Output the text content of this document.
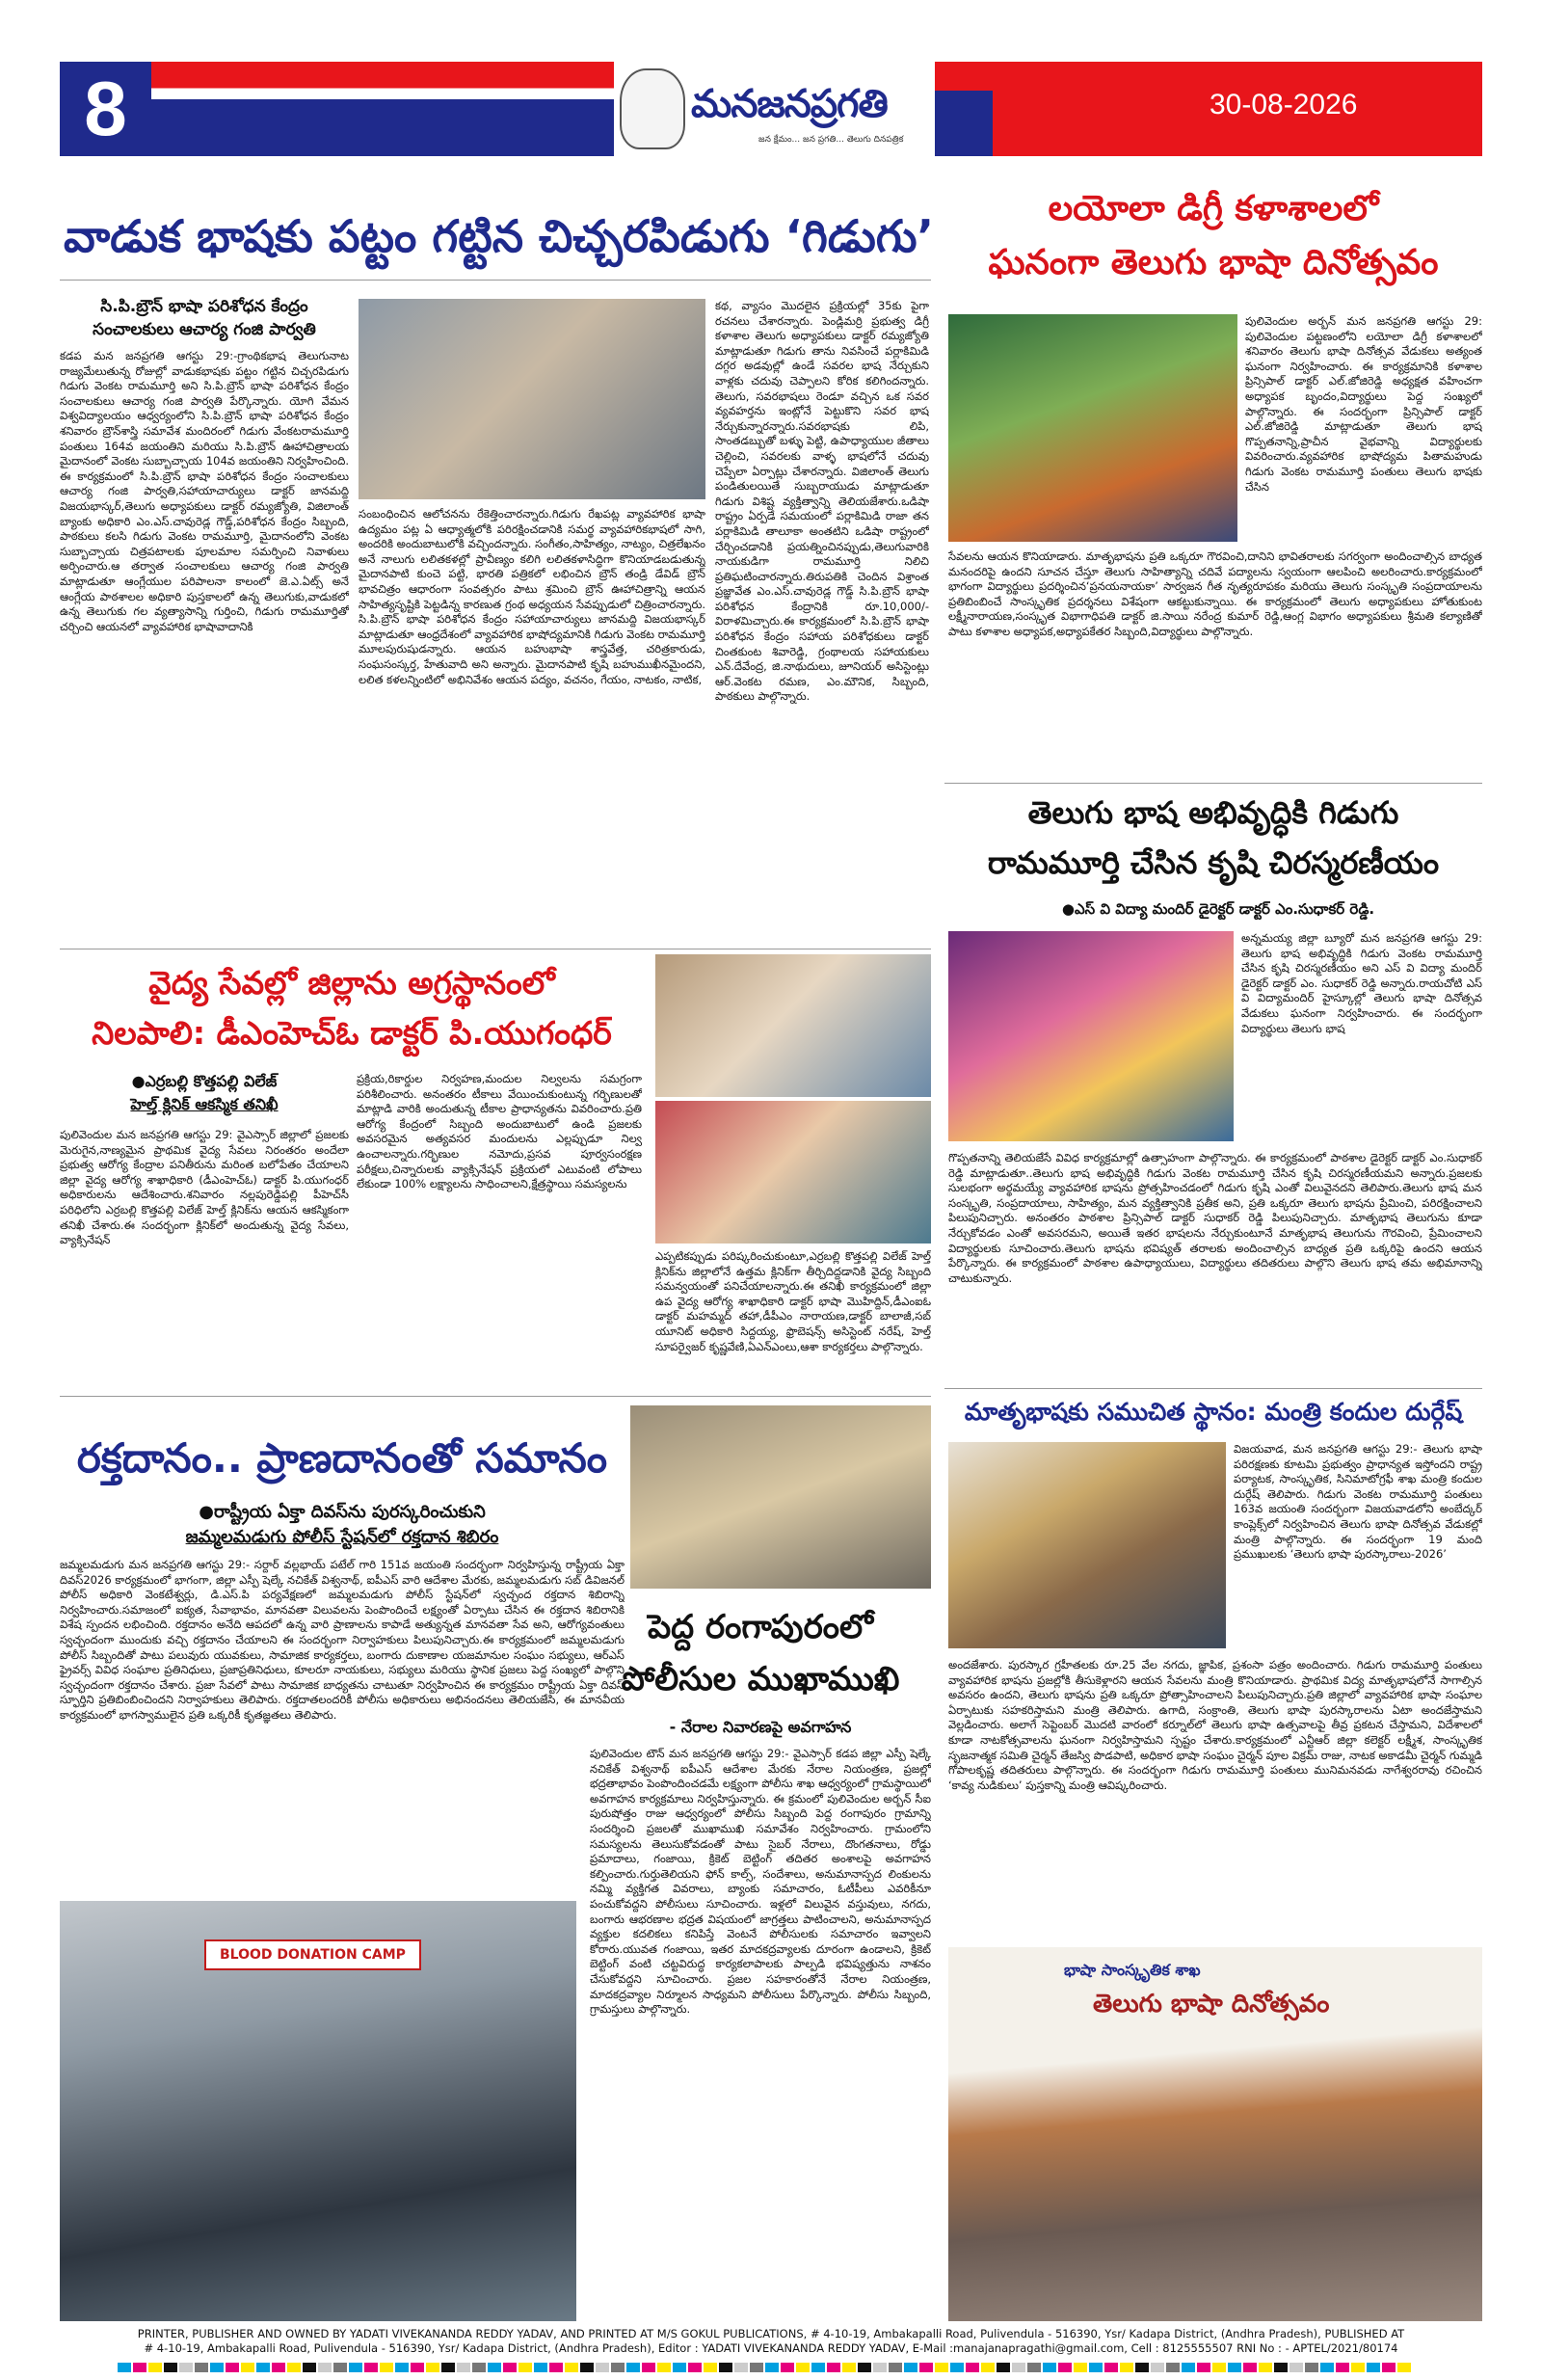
8	మనజనప్రగతి
జన క్షేమం... జన ప్రగతి... తెలుగు దినపత్రిక
30-08-2026
వాడుక భాషకు పట్టం గట్టిన చిచ్చరపిడుగు ‘గిడుగు’
సి.పి.బ్రౌన్ భాషా పరిశోధన కేంద్రం
సంచాలకులు ఆచార్య గంజి పార్వతి
కడప మన జనప్రగతి ఆగస్టు 29:-గ్రాంథికభాష తెలుగునాట రాజ్యమేలుతున్న రోజుల్లో వాడుకభాషకు పట్టం గట్టిన చిచ్చరపిడుగు గిడుగు వెంకట రామమూర్తి అని సి.పి.బ్రౌన్ భాషా పరిశోధన కేంద్రం సంచాలకులు ఆచార్య గంజి పార్వతి పేర్కొన్నారు. యోగి వేమన విశ్వవిద్యాలయం ఆధ్వర్యంలోని సి.పి.బ్రౌన్ భాషా పరిశోధన కేంద్రం శనివారం బ్రౌన్‌శాస్త్రి సమావేశ మందిరంలో గిడుగు వేంకటరామమూర్తి పంతులు 164వ జయంతిని మరియు సి.పి.బ్రౌన్ ఊహాచిత్రాలయ మైదానంలో వెంకట సుబ్బాచ్చాయ 104వ జయంతిని నిర్వహించింది. ఈ కార్యక్రమంలో సి.పి.బ్రౌన్ భాషా పరిశోధన కేంద్రం సంచాలకులు ఆచార్య గంజి పార్వతి,సహాయాచార్యులు డాక్టర్ జానమద్ది విజయభాస్కర్,తెలుగు అధ్యాపకులు డాక్టర్ రమ్యజ్యోతి, విజిలాంత్ బ్యాంకు అధికారి ఎం.ఎస్.చావురెడ్ల గౌడ్డ్,పరిశోధన కేంద్రం సిబ్బంది, పాఠకులు కలసి గిడుగు వెంకట రామమూర్తి, మైదానంలోని వెంకట సుబ్బాచ్చాయ చిత్రపటాలకు పూలమాల సమర్పించి నివాళులు అర్పించారు.ఆ తర్వాత సంచాలకులు ఆచార్య గంజి పార్వతి మాట్లాడుతూ ఆంగ్లేయుల పరిపాలనా కాలంలో జె.ఎ.ఏట్స్ అనే ఆంగ్లేయ పాఠశాలల అధికారి పుస్తకాలలో ఉన్న తెలుగుకు,వాడుకలో ఉన్న తెలుగుకు గల వ్యత్యాసాన్ని గుర్తించి, గిడుగు రామమూర్తితో చర్చించి ఆయనలో వ్యావహారిక భాషావాదానికి
సంబంధించిన ఆలోచనను రేకెత్తించారన్నారు.గిడుగు రేఖపట్ల వ్యావహారిక భాషా ఉద్యమం పట్ల ఏ ఆధ్యాత్మలోకి పరిరక్షించడానికి సమర్థ వ్యావహారికభాషలో సాగి, అందరికి అందుబాటులోకి వచ్చిందన్నారు. సంగీతం,సాహిత్యం, నాట్యం, చిత్రలేఖనం అనే నాలుగు లలితకళల్లో ప్రావీణ్యం కలిగి లలితకళాసిద్ధిగా కొనియాడబడుతున్న మైదానపాటి కుంచె పట్టి, భారతి పత్రికలో లభించిన బ్రౌన్ తండ్రి డేవిడ్ బ్రౌన్ భావచిత్రం ఆధారంగా సంవత్సరం పాటు శ్రమించి బ్రౌన్ ఊహాచిత్రాన్ని ఆయన సాహిత్యసృష్టికి పెట్టడిన్న కారణుత గ్రంథ అధ్యయన సేవప్పుడులో చిత్రించారన్నారు. సి.పి.బ్రౌన్ భాషా పరిశోధన కేంద్రం సహాయాచార్యులు జానమద్ది విజయభాస్కర్ మాట్లాడుతూ ఆంధ్రదేశంలో వ్యావహారిక భాషోద్యమానికి గిడుగు వెంకట రామమూర్తి మూలపురుషుడన్నారు. ఆయన బహుభాషా శాస్త్రవేత్త, చరిత్రకారుడు, సంఘసంస్కర్త, హేతువాది అని అన్నారు. మైదానపాటి కృషి బహుముఖీనమైందని, లలిత కళలన్నింటిలో అభినివేశం ఆయన పద్యం, వచనం, గేయం, నాటకం, నాటిక,
కథ, వ్యాసం మొదలైన ప్రక్రియల్లో 35కు పైగా రచనలు చేశారన్నారు. పెండ్లిమర్రి ప్రభుత్వ డిగ్రీ కళాశాల తెలుగు అధ్యాపకులు డాక్టర్ రమ్యజ్యోతి మాట్లాడుతూ గిడుగు తాను నివసించే పర్లాకిమిడి దగ్గర అడవుల్లో ఉండే సవరల భాష నేర్చుకుని వాళ్లకు చదువు చెప్పాలని కోరిక కలిగిందన్నారు. తెలుగు, సవరభాషలు రెండూ వచ్చిన ఒక సవర వ్యవహర్తను ఇంట్లోనే పెట్టుకొని సవర భాష నేర్చుకున్నారన్నారు.సవరభాషకు లిపి, సాంతడబ్బుతో బళ్ళు పెట్టి, ఉపాధ్యాయుల జీతాలు చెల్లించి, సవరలకు వాళ్ళ భాషలోనే చదువు చెప్పేలా ఏర్పాట్లు చేశారన్నారు. విజిలాంత్ తెలుగు పండితులయితే సుబ్బరాయుడు మాట్లాడుతూ గిడుగు విశిష్ట వ్యక్తిత్వాన్ని తెలియజేశారు.ఒడిషా రాష్ట్రం ఏర్పడే సమయంలో పర్లాకిమిడి రాజా తన పర్లాకిమిడి తాలూకా అంతటిని ఒడిషా రాష్ట్రంలో చేర్చించడానికి ప్రయత్నించినప్పుడు,తెలుగువారికి నాయకుడిగా రామమూర్తి నిలిచి ప్రతిఘటించారన్నారు.తిరుపతికి చెందిన విశ్రాంత ప్రజ్ఞావేత ఎం.ఎస్.చావురెడ్ల గౌడ్డ్ సి.పి.బ్రౌన్ భాషా పరిశోధన కేంద్రానికి రూ.10,000/- విరాళమిచ్చారు.ఈ కార్యక్రమంలో సి.పి.బ్రౌన్ భాషా పరిశోధన కేంద్రం సహాయ పరిశోధకులు డాక్టర్ చింతకుంట శివారెడ్డి, గ్రంథాలయ సహాయకులు ఎన్.దేవేంద్ర, జి.నాథుదులు, జూనియర్ అసిస్టెంట్లు ఆర్.వెంకట రమణ, ఎం.మౌనిక, సిబ్బంది, పాఠకులు పాల్గొన్నారు.
లయోలా డిగ్రీ కళాశాలలో
ఘనంగా తెలుగు భాషా దినోత్సవం
పులివెందుల అర్బన్ మన జనప్రగతి ఆగస్టు 29: పులివెందుల పట్టణంలోని లయోలా డిగ్రీ కళాశాలలో శనివారం తెలుగు భాషా దినోత్సవ వేడుకలు అత్యంత ఘనంగా నిర్వహించారు. ఈ కార్యక్రమానికి కళాశాల ప్రిన్సిపాల్ డాక్టర్ ఎల్.జోజిరెడ్డి అధ్యక్షత వహించగా అధ్యాపక బృందం,విద్యార్థులు పెద్ద సంఖ్యలో పాల్గొన్నారు. ఈ సందర్భంగా ప్రిన్సిపాల్ డాక్టర్ ఎల్.జోజిరెడ్డి మాట్లాడుతూ తెలుగు భాష గొప్పతనాన్ని,ప్రాచీన వైభవాన్ని విద్యార్థులకు వివరించారు.వ్యవహారిక భాషోద్యమ పితామహుడు గిడుగు వెంకట రామమూర్తి పంతులు తెలుగు భాషకు చేసిన
సేవలను ఆయన కొనియాడారు. మాతృభాషను ప్రతి ఒక్కరూ గౌరవించి,దానిని భావితరాలకు సగర్వంగా అందించాల్సిన బాధ్యత మనందరిపై ఉందని సూచన చేస్తూ తెలుగు సాహిత్యాన్ని చదివే పద్యాలను స్వయంగా ఆలపించి అలరించారు.కార్యక్రమంలో భాగంగా విద్యార్థులు ప్రదర్శించిన‘ప్రనయనాయకా’ సార్వజన గీత నృత్యరూపకం మరియు తెలుగు సంస్కృతి సంప్రదాయాలను ప్రతిబింబించే సాంస్కృతిక ప్రదర్శనలు విశేషంగా ఆకట్టుకున్నాయి. ఈ కార్యక్రమంలో తెలుగు అధ్యాపకులు హోతుకుంట లక్ష్మీనారాయణ,సంస్కృత విభాగాధిపతి డాక్టర్ జి.సాయి నరేంద్ర కుమార్ రెడ్డి,ఆంగ్ల విభాగం అధ్యాపకులు శ్రీమతి కల్యాణితో పాటు కళాశాల అధ్యాపక,అధ్యాపకేతర సిబ్బంది,విద్యార్థులు పాల్గొన్నారు.
తెలుగు భాష అభివృద్ధికి గిడుగు
రామమూర్తి చేసిన కృషి చిరస్మరణీయం
●ఎస్ వి విద్యా మందిర్ డైరెక్టర్ డాక్టర్ ఎం.సుధాకర్ రెడ్డి.
అన్నమయ్య జిల్లా బ్యూరో మన జనప్రగతి ఆగస్టు 29: తెలుగు భాష అభివృద్ధికి గిడుగు వెంకట రామమూర్తి చేసిన కృషి చిరస్మరణీయం అని ఎస్ వి విద్యా మందిర్ డైరెక్టర్ డాక్టర్ ఎం. సుధాకర్ రెడ్డి అన్నారు.రాయచోటి ఎస్ వి విద్యామందిర్ హైస్కూల్లో తెలుగు భాషా దినోత్సవ వేడుకలు ఘనంగా నిర్వహించారు. ఈ సందర్భంగా విద్యార్థులు తెలుగు భాష
గొప్పతనాన్ని తెలియజేసే వివిధ కార్యక్రమాల్లో ఉత్సాహంగా పాల్గొన్నారు. ఈ కార్యక్రమంలో పాఠశాల డైరెక్టర్ డాక్టర్ ఎం.సుధాకర్ రెడ్డి మాట్లాడుతూ..తెలుగు భాష అభివృద్ధికి గిడుగు వెంకట రామమూర్తి చేసిన కృషి చిరస్మరణీయమని అన్నారు.ప్రజలకు సులభంగా అర్థమయ్యే వ్యావహారిక భాషను ప్రోత్సహించడంలో గిడుగు కృషి ఎంతో విలువైనదని తెలిపారు.తెలుగు భాష మన సంస్కృతి, సంప్రదాయాలు, సాహిత్యం, మన వ్యక్తిత్వానికి ప్రతీక అని, ప్రతి ఒక్కరూ తెలుగు భాషను ప్రేమించి, పరిరక్షించాలని పిలుపునిచ్చారు. అనంతరం పాఠశాల ప్రిన్సిపాల్ డాక్టర్ సుధాకర్ రెడ్డి పిలుపునిచ్చారు. మాతృభాష తెలుగును కూడా నేర్చుకోవడం ఎంతో అవసరమని, అయితే ఇతర భాషలను నేర్చుకుంటూనే మాతృభాష తెలుగును గౌరవించి, ప్రేమించాలని విద్యార్థులకు సూచించారు.తెలుగు భాషను భవిష్యత్ తరాలకు అందించాల్సిన బాధ్యత ప్రతి ఒక్కరిపై ఉందని ఆయన పేర్కొన్నారు. ఈ కార్యక్రమంలో పాఠశాల ఉపాధ్యాయులు, విద్యార్థులు తదితరులు పాల్గొని తెలుగు భాష తమ అభిమానాన్ని చాటుకున్నారు.
వైద్య సేవల్లో జిల్లాను అగ్రస్థానంలో
నిలపాలి: డీఎంహెచ్ఓ డాక్టర్ పి.యుగంధర్
●ఎర్రబల్లి కొత్తపల్లి విలేజ్
హెల్త్ క్లినిక్ ఆకస్మిక తనిఖీ
పులివెందుల మన జనప్రగతి ఆగస్టు 29: వైఎస్సార్ జిల్లాలో ప్రజలకు మెరుగైన,నాణ్యమైన ప్రాథమిక వైద్య సేవలు నిరంతరం అందేలా ప్రభుత్వ ఆరోగ్య కేంద్రాల పనితీరును మరింత బలోపేతం చేయాలని జిల్లా వైద్య ఆరోగ్య శాఖాధికారి (డీఎంహెచ్ఓ) డాక్టర్ పి.యుగంధర్ అధికారులను ఆదేశించారు.శనివారం నల్లపురెడ్డిపల్లి పీహెచ్‌సీ పరిధిలోని ఎర్రబల్లి కొత్తపల్లి విలేజ్ హెల్త్ క్లినిక్‌ను ఆయన ఆకస్మికంగా తనిఖీ చేశారు.ఈ సందర్భంగా క్లినిక్‌లో అందుతున్న వైద్య సేవలు, వ్యాక్సినేషన్
ప్రక్రియ,రికార్డుల నిర్వహణ,మందుల నిల్వలను సమగ్రంగా పరిశీలించారు. అనంతరం టీకాలు వేయించుకుంటున్న గర్భిణులతో మాట్లాడి వారికి అందుతున్న టీకాల ప్రాధాన్యతను వివరించారు.ప్రతి ఆరోగ్య కేంద్రంలో సిబ్బంది అందుబాటులో ఉండి ప్రజలకు అవసరమైన అత్యవసర మందులను ఎల్లప్పుడూ నిల్వ ఉంచాలన్నారు.గర్భిణుల నమోదు,ప్రసవ పూర్వసంరక్షణ పరీక్షలు,చిన్నారులకు వ్యాక్సినేషన్ ప్రక్రియలో ఎటువంటి లోపాలు లేకుండా 100% లక్ష్యాలను సాధించాలని,క్షేత్రస్థాయి సమస్యలను
ఎప్పటికప్పుడు పరిష్కరించుకుంటూ,ఎర్రబల్లి కొత్తపల్లి విలేజ్ హెల్త్ క్లినిక్‌ను జిల్లాలోనే ఉత్తమ క్లినిక్‌గా తీర్చిదిద్దడానికి వైద్య సిబ్బంది సమన్వయంతో పనిచేయాలన్నారు.ఈ తనిఖీ కార్యక్రమంలో జిల్లా ఉప వైద్య ఆరోగ్య శాఖాధికారి డాక్టర్ భాషా మొహిద్దిన్,డీఎంఐఓ డాక్టర్ మహమ్మద్ తహా,డీపీఎం నారాయణ,డాక్టర్ బాలాజీ,సబ్ యూనిట్ అధికారి సిద్దయ్య, ఫ్రొబెషన్స్‌ అసిస్టెంట్ నరేష్, హెల్త్ సూపర్వైజర్ కృష్ణవేణి,ఏఎన్ఎంలు,ఆశా కార్యకర్తలు పాల్గొన్నారు.
రక్తదానం.. ప్రాణదానంతో సమానం
●రాష్ట్రీయ ఏక్తా దివస్‌ను పురస్కరించుకుని
జమ్మలమడుగు పోలీస్ స్టేషన్‌లో రక్తదాన శిబిరం
జమ్మలమడుగు మన జనప్రగతి ఆగస్టు 29:- సర్దార్ వల్లభాయ్ పటేల్ గారి 151వ జయంతి సందర్భంగా నిర్వహిస్తున్న రాష్ట్రీయ ఏక్తా దివస్2026 కార్యక్రమంలో భాగంగా, జిల్లా ఎస్పీ షెల్కే నచికేత్ విశ్వనాథ్, ఐపీఎస్ వారి ఆదేశాల మేరకు, జమ్మలమడుగు సబ్ డివిజనల్ పోలీస్ అధికారి వెంకటేశ్వర్లు, డి.ఎస్.పి పర్యవేక్షణలో జమ్మలమడుగు పోలీస్ స్టేషన్‌లో స్వచ్ఛంద రక్తదాన శిబిరాన్ని నిర్వహించారు.సమాజంలో ఐక్యత, సేవాభావం, మానవతా విలువలను పెంపొందించే లక్ష్యంతో ఏర్పాటు చేసిన ఈ రక్తదాన శిబిరానికి విశేష స్పందన లభించింది. రక్తదానం అనేది ఆపదలో ఉన్న వారి ప్రాణాలను కాపాడే అత్యున్నత మానవతా సేవ అని, ఆరోగ్యవంతులు స్వచ్ఛందంగా ముందుకు వచ్చి రక్తదానం చేయాలని ఈ సందర్భంగా నిర్వాహకులు పిలుపునిచ్చారు.ఈ కార్యక్రమంలో జమ్మలమడుగు పోలీస్ సిబ్బందితో పాటు పలువురు యువకులు, సామాజిక కార్యకర్తలు, బంగారు దుకాణాల యజమానుల సంఘం సభ్యులు, ఆర్ఎస్ ఫ్రైవర్స్ వివిధ సంఘాల ప్రతినిధులు, ప్రజాప్రతినిధులు, కూలరూ నాయకులు, సభ్యులు మరియు స్థానిక ప్రజలు పెద్ద సంఖ్యలో పాల్గొని స్వచ్ఛందంగా రక్తదానం చేశారు. ప్రజా సేవలో పాటు సామాజిక బాధ్యతను చాటుతూ నిర్వహించిన ఈ కార్యక్రమం రాష్ట్రీయ ఏక్తా దివస్ స్ఫూర్తిని ప్రతిబింబించిందని నిర్వాహకులు తెలిపారు. రక్తదాతలందరికీ పోలీసు అధికారులు అభినందనలు తెలియజేసి, ఈ మానవీయ కార్యక్రమంలో భాగస్వాములైన ప్రతి ఒక్కరికీ కృతజ్ఞతలు తెలిపారు.
BLOOD DONATION CAMP
పెద్ద రంగాపురంలో
పోలీసుల ముఖాముఖి
- నేరాల నివారణపై అవగాహన
పులివెందుల టౌన్ మన జనప్రగతి ఆగస్టు 29:- వైఎస్సార్ కడప జిల్లా ఎస్పీ షెల్కే నచికేత్ విశ్వనాథ్ ఐపీఎస్ ఆదేశాల మేరకు నేరాల నియంత్రణ, ప్రజల్లో భద్రతాభావం పెంపొందించడమే లక్ష్యంగా పోలీసు శాఖ ఆధ్వర్యంలో గ్రామస్థాయిలో అవగాహన కార్యక్రమాలు నిర్వహిస్తున్నారు. ఈ క్రమంలో పులివెందుల అర్బన్ సీఐ పురుషోత్తం రాజు ఆధ్వర్యంలో పోలీసు సిబ్బంది పెద్ద రంగాపురం గ్రామాన్ని సందర్శించి ప్రజలతో ముఖాముఖి సమావేశం నిర్వహించారు. గ్రామంలోని సమస్యలను తెలుసుకోవడంతో పాటు సైబర్ నేరాలు, దొంగతనాలు, రోడ్డు ప్రమాదాలు, గంజాయి, క్రికెట్ బెట్టింగ్ తదితర అంశాలపై అవగాహన కల్పించారు.గుర్తుతెలియని ఫోన్ కాల్స్, సందేశాలు, అనుమానాస్పద లింకులను నమ్మి వ్యక్తిగత వివరాలు, బ్యాంకు సమాచారం, ఓటీపీలు ఎవరికీనూ పంచుకోవద్దని పోలీసులు సూచించారు. ఇళ్లలో విలువైన వస్తువులు, నగదు, బంగారు ఆభరణాల భద్రత విషయంలో జాగ్రత్తలు పాటించాలని, అనుమానాస్పద వ్యక్తుల కదలికలు కనిపిస్తే వెంటనే పోలీసులకు సమాచారం ఇవ్వాలని కోరారు.యువత గంజాయి, ఇతర మాదకద్రవ్యాలకు దూరంగా ఉండాలని, క్రికెట్ బెట్టింగ్ వంటి చట్టవిరుద్ధ కార్యకలాపాలకు పాల్పడి భవిష్యత్తును నాశనం చేసుకోవద్దని సూచించారు. ప్రజల సహకారంతోనే నేరాల నియంత్రణ, మాదకద్రవ్యాల నిర్మూలన సాధ్యమని పోలీసులు పేర్కొన్నారు. పోలీసు సిబ్బంది, గ్రామస్తులు పాల్గొన్నారు.
మాతృభాషకు సముచిత స్థానం: మంత్రి కందుల దుర్గేష్
విజయవాడ, మన జనప్రగతి ఆగస్టు 29:- తెలుగు భాషా పరిరక్షణకు కూటమి ప్రభుత్వం ప్రాధాన్యత ఇస్తోందని రాష్ట్ర పర్యాటక, సాంస్కృతిక, సినిమాటోగ్రఫీ శాఖ మంత్రి కందుల దుర్గేష్ తెలిపారు. గిడుగు వెంకట రామమూర్తి పంతులు 163వ జయంతి సందర్భంగా విజయవాడలోని అంబేద్కర్ కాంప్లెక్స్‌లో నిర్వహించిన తెలుగు భాషా దినోత్సవ వేడుకల్లో మంత్రి పాల్గొన్నారు. ఈ సందర్భంగా 19 మంది ప్రముఖులకు ‘తెలుగు భాషా పురస్కారాలు-2026’
అందజేశారు. పురస్కార గ్రహీతలకు రూ.25 వేల నగదు, జ్ఞాపిక, ప్రశంసా పత్రం అందించారు. గిడుగు రామమూర్తి పంతులు వ్యావహారిక భాషను ప్రజల్లోకి తీసుకెళ్లారని ఆయన సేవలను మంత్రి కొనియాడారు. ప్రాథమిక విద్య మాతృభాషలోనే సాగాల్సిన అవసరం ఉందని, తెలుగు భాషను ప్రతి ఒక్కరూ ప్రోత్సాహించాలని పిలుపునిచ్చారు.ప్రతి జిల్లాలో వ్యావహారిక భాషా సంఘాల ఏర్పాటుకు సహకరిస్తామని మంత్రి తెలిపారు. ఉగాది, సంక్రాంతి, తెలుగు భాషా పురస్కారాలను ఏటా అందజేస్తామని వెల్లడించారు. అలాగే సెప్టెంబర్ మొదటి వారంలో కర్నూల్‌లో తెలుగు భాషా ఉత్సవాలపై తీవ్ర ప్రకటన చేస్తామని, విదేశాలలో కూడా నాటకోత్సవాలను ఘనంగా నిర్వహిస్తామని స్పష్టం చేశారు.కార్యక్రమంలో ఎన్టీఆర్ జిల్లా కలెక్టర్ లక్ష్మీశ, సాంస్కృతిక సృజనాత్మక సమితి చైర్మన్ తేజస్వి పొడపాటి, అధికార భాషా సంఘం చైర్మన్ పూల విక్రమ్ రాజు, నాటక అకాడమీ చైర్మన్ గుమ్మడి గోపాలకృష్ణ తదితరులు పాల్గొన్నారు. ఈ సందర్భంగా గిడుగు రామమూర్తి పంతులు మునిమనవడు నాగేశ్వరరావు రచించిన ‘కావ్య నుడికులు’ పుస్తకాన్ని మంత్రి ఆవిష్కరించారు.
భాషా సాంస్కృతిక శాఖ
తెలుగు భాషా దినోత్సవం
PRINTER, PUBLISHER AND OWNED BY YADATI VIVEKANANDA REDDY YADAV, AND PRINTED AT M/S GOKUL PUBLICATIONS, # 4-10-19, Ambakapalli Road, Pulivendula - 516390, Ysr/ Kadapa District, (Andhra Pradesh), PUBLISHED AT
# 4-10-19, Ambakapalli Road, Pulivendula - 516390, Ysr/ Kadapa District, (Andhra Pradesh), Editor : YADATI VIVEKANANDA REDDY YADAV, E-Mail :manajanapragathi@gmail.com, Cell : 8125555507 RNI No : - APTEL/2021/80174
